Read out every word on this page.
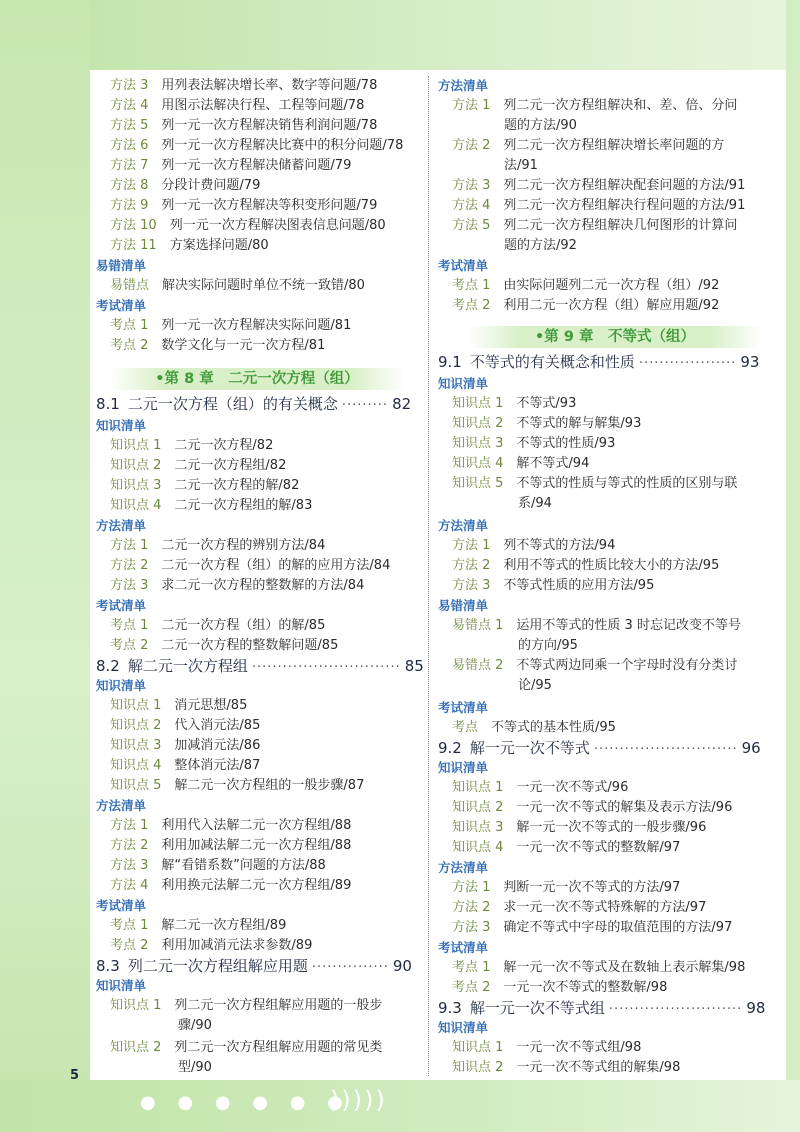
● ● ● ● ● ●
)))))
5
方法 3　 用列表法解决增长率、数字等问题/78
方法 4　 用图示法解决行程、工程等问题/78
方法 5　 列一元一次方程解决销售利润问题/78
方法 6　 列一元一次方程解决比赛中的积分问题/78
方法 7　 列一元一次方程解决储蓄问题/79
方法 8　 分段计费问题/79
方法 9　 列一元一次方程解决等积变形问题/79
方法 10　 列一元一次方程解决图表信息问题/80
方法 11　 方案选择问题/80
易错清单
易错点　 解决实际问题时单位不统一致错/80
考试清单
考点 1　 列一元一次方程解决实际问题/81
考点 2　 数学文化与一元一次方程/81
•第 8 章　二元一次方程（组）
8.1 二元一次方程（组）的有关概念 ········· 82
知识清单
知识点 1　 二元一次方程/82
知识点 2　 二元一次方程组/82
知识点 3　 二元一次方程的解/82
知识点 4　 二元一次方程组的解/83
方法清单
方法 1　 二元一次方程的辨别方法/84
方法 2　 二元一次方程（组）的解的应用方法/84
方法 3　 求二元一次方程的整数解的方法/84
考试清单
考点 1　 二元一次方程（组）的解/85
考点 2　 二元一次方程的整数解问题/85
8.2 解二元一次方程组 ····························· 85
知识清单
知识点 1　 消元思想/85
知识点 2　 代入消元法/85
知识点 3　 加减消元法/86
知识点 4　 整体消元法/87
知识点 5　 解二元一次方程组的一般步骤/87
方法清单
方法 1　 利用代入法解二元一次方程组/88
方法 2　 利用加减法解二元一次方程组/88
方法 3　 解“看错系数”问题的方法/88
方法 4　 利用换元法解二元一次方程组/89
考试清单
考点 1　 解二元一次方程组/89
考点 2　 利用加减消元法求参数/89
8.3 列二元一次方程组解应用题 ··············· 90
知识清单
知识点 1　 列二元一次方程组解应用题的一般步
骤/90
知识点 2　 列二元一次方程组解应用题的常见类
型/90
方法清单
方法 1　 列二元一次方程组解决和、差、倍、分问
题的方法/90
方法 2　 列二元一次方程组解决增长率问题的方
法/91
方法 3　 列二元一次方程组解决配套问题的方法/91
方法 4　 列二元一次方程组解决行程问题的方法/91
方法 5　 列二元一次方程组解决几何图形的计算问
题的方法/92
考试清单
考点 1　 由实际问题列二元一次方程（组）/92
考点 2　 利用二元一次方程（组）解应用题/92
•第 9 章　不等式（组）
9.1 不等式的有关概念和性质 ··················· 93
知识清单
知识点 1　 不等式/93
知识点 2　 不等式的解与解集/93
知识点 3　 不等式的性质/93
知识点 4　 解不等式/94
知识点 5　 不等式的性质与等式的性质的区别与联
系/94
方法清单
方法 1　 列不等式的方法/94
方法 2　 利用不等式的性质比较大小的方法/95
方法 3　 不等式性质的应用方法/95
易错清单
易错点 1　 运用不等式的性质 3 时忘记改变不等号
的方向/95
易错点 2　 不等式两边同乘一个字母时没有分类讨
论/95
考试清单
考点　 不等式的基本性质/95
9.2 解一元一次不等式 ···························· 96
知识清单
知识点 1　 一元一次不等式/96
知识点 2　 一元一次不等式的解集及表示方法/96
知识点 3　 解一元一次不等式的一般步骤/96
知识点 4　 一元一次不等式的整数解/97
方法清单
方法 1　 判断一元一次不等式的方法/97
方法 2　 求一元一次不等式特殊解的方法/97
方法 3　 确定不等式中字母的取值范围的方法/97
考试清单
考点 1　 解一元一次不等式及在数轴上表示解集/98
考点 2　 一元一次不等式的整数解/98
9.3 解一元一次不等式组 ·························· 98
知识清单
知识点 1　 一元一次不等式组/98
知识点 2　 一元一次不等式组的解集/98
